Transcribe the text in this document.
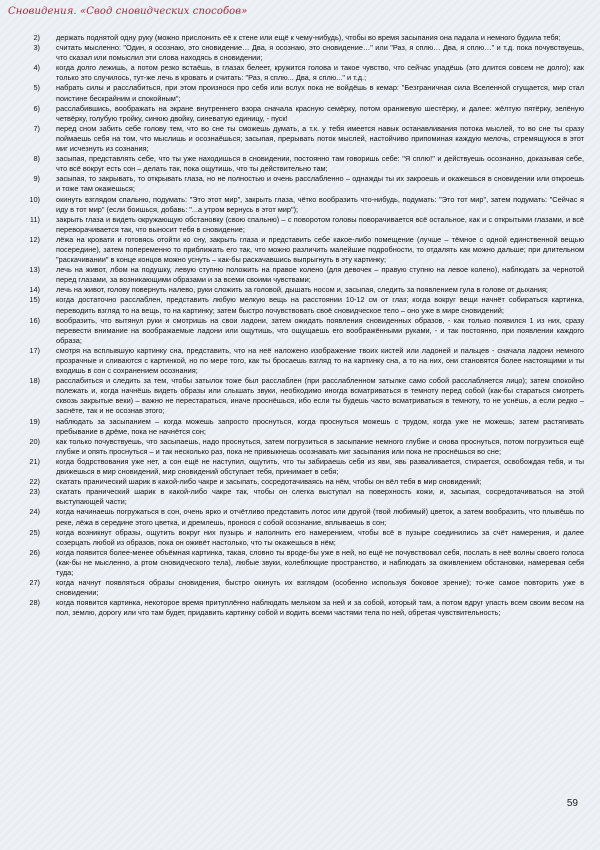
Сновидения. «Свод сновидческих способов»
2) держать поднятой одну руку (можно прислонить её к стене или ещё к чему-нибудь), чтобы во время засыпания она падала и немного будила тебя;
3) считать мысленно: "Один, я осознаю, это сновидение… Два, я осознаю, это сновидение…" или "Раз, я сплю… Два, я сплю…" и т.д. пока почувствуешь, что сказал или помыслил эти слова находясь в сновидении;
4) когда долго лежишь, а потом резко встаёшь, в глазах белеет, кружится голова и такое чувство, что сейчас упадёшь (это длится совсем не долго); как только это случилось, тут-же лечь в кровать и считать: "Раз, я сплю... Два, я сплю..." и т.д.;
5) набрать силы и расслабиться, при этом произнося про себя или вслух пока не войдёшь в кемар: "Безграничная сила Вселенной сгущается, мир стал поистине бескрайним и спокойным";
6) расслабившись, воображать на экране внутреннего взора сначала красную семёрку, потом оранжевую шестёрку, и далее: жёлтую пятёрку, зелёную четвёрку, голубую тройку, синюю двойку, синеватую единицу, - пуск!
7) перед сном забить себе голову тем, что во сне ты сможешь думать, а т.к. у тебя имеется навык останавливания потока мыслей, то во сне ты сразу поймаешь себя на том, что мыслишь и осознаёшься; засыпая, прерывать поток мыслей, настойчиво припоминая каждую мелочь, стремящуюся в этот миг исчезнуть из сознания;
8) засыпая, представлять себе, что ты уже находишься в сновидении, постоянно там говоришь себе: "Я сплю!" и действуешь осознанно, доказывая себе, что всё вокруг есть сон – делать так, пока ощутишь, что ты действительно там;
9) засыпая, то закрывать, то открывать глаза, но не полностью и очень расслабленно – однажды ты их закроешь и окажешься в сновидении или откроешь и тоже там окажешься;
10) окинуть взглядом спальню, подумать: "Это этот мир", закрыть глаза, чётко вообразить что-нибудь, подумать: "Это тот мир", затем подумать: "Сейчас я иду в тот мир" (если боишься, добавь: "...а утром вернусь в этот мир");
11) закрыть глаза и видеть окружающую обстановку (свою спальню) – с поворотом головы поворачивается всё остальное, как и с открытыми глазами, и всё переворачивается так, что выносит тебя в сновидение;
12) лёжа на кровати и готовясь отойти ко сну, закрыть глаза и представить себе какое-либо помещение (лучше – тёмное с одной единственной вещью посередине), затем попеременно то приближать его так, что можно различить малейшие подробности, то отдалять как можно дальше; при длительном "раскачивании" в конце концов можно уснуть – как-бы раскачавшись выпрыгнуть в эту картинку;
13) лечь на живот, лбом на подушку, левую ступню положить на правое колено (для девочек – правую ступню на левое колено), наблюдать за чернотой перед глазами, за возникающими образами и за всеми своими чувствами;
14) лечь на живот, голову повернуть налево, руки сложить за головой, дышать носом и, засыпая, следить за появлением гула в голове от дыхания;
15) когда достаточно расслаблен, представить любую мелкую вещь на расстоянии 10-12 см от глаз; когда вокруг вещи начнёт собираться картинка, переводить взгляд то на вещь, то на картинку; затем быстро почувствовать своё сновидческое тело – оно уже в мире сновидений;
16) вообразить, что вытянул руки и смотришь на свои ладони, затем ожидать появления сновиденных образов, - как только появился 1 из них, сразу перевести внимание на воображаемые ладони или ощутишь, что ощущаешь его воображёнными руками, - и так постоянно, при появлении каждого образа;
17) смотря на всплывшую картинку сна, представить, что на неё наложено изображение твоих кистей или ладоней и пальцев - сначала ладони немного прозрачные и сливаются с картинкой, но по мере того, как ты бросаешь взгляд то на картинку сна, а то на них, они становятся более настоящими и ты входишь в сон с сохранением осознания;
18) расслабиться и следить за тем, чтобы затылок тоже был расслаблен (при расслабленном затылке само собой расслабляется лицо); затем спокойно полежать и, когда начнёшь видеть образы или слышать звуки, необходимо иногда всматриваться в темноту перед собой (как-бы стараться смотреть сквозь закрытые веки) – важно не перестараться, иначе проснёшься, ибо если ты будешь часто всматриваться в темноту, то не уснёшь, а если редко – заснёте, так и не осознав этого;
19) наблюдать за засыпанием – когда можешь запросто проснуться, когда проснуться можешь с трудом, когда уже не можешь; затем растягивать пребывание в дрёме, пока не начнётся сон;
20) как только почувствуешь, что засыпаешь, надо проснуться, затем погрузиться в засыпание немного глубже и снова проснуться, потом погрузиться ещё глубже и опять проснуться – и так несколько раз, пока не привыкнешь осознавать миг засыпания или пока не проснёшься во сне;
21) когда бодрствования уже нет, а сон ещё не наступил, ощутить, что ты забираешь себя из яви, явь разваливается, стирается, освобождая тебя, и ты движешься в мир сновидений, мир сновидений обступает тебя, принимает в себя;
22) скатать пранический шарик в какой-либо чакре и засыпать, сосредотачиваясь на нём, чтобы он вёл тебя в мир сновидений;
23) скатать пранический шарик в какой-либо чакре так, чтобы он слегка выступал на поверхность кожи, и, засыпая, сосредотачиваться на этой выступающей части;
24) когда начинаешь погружаться в сон, очень ярко и отчётливо представить лотос или другой (твой любимый) цветок, а затем вообразить, что плывёшь по реке, лёжа в середине этого цветка, и дремлешь, пронося с собой осознание, вплываешь в сон;
25) когда возникнут образы, ощутить вокруг них пузырь и наполнить его намерением, чтобы всё в пузыре соединились за счёт намерения, и далее созерцать любой из образов, пока он оживёт настолько, что ты окажешься в нём;
26) когда появится более-менее объёмная картинка, такая, словно ты вроде-бы уже в ней, но ещё не почувствовал себя, послать в неё волны своего голоса (как-бы не мысленно, а ртом сновидческого тела), любые звуки, колеблющие пространство, и наблюдать за оживлением обстановки, намеревая себя туда;
27) когда начнут появляться образы сновидения, быстро окинуть их взглядом (особенно используя боковое зрение); то-же самое повторить уже в сновидении;
28) когда появится картинка, некоторое время притуплённо наблюдать мельком за ней и за собой, который там, а потом вдруг упасть всем своим весом на пол, землю, дорогу или что там будет, придавить картинку собой и водить всеми частями тела по ней, обретая чувствительность;
59
